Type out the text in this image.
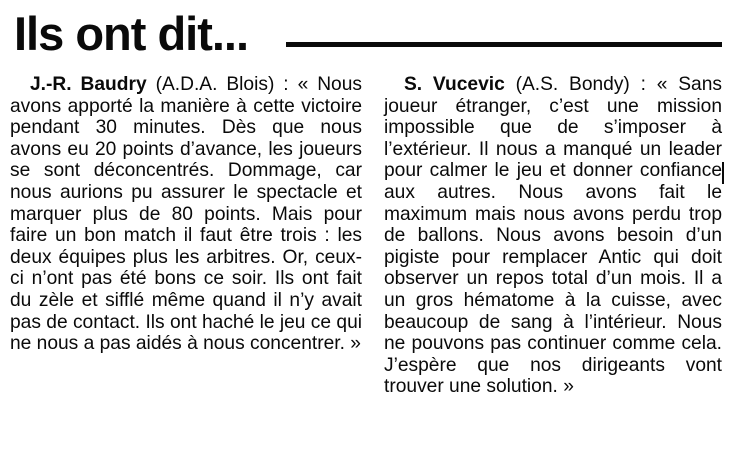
Ils ont dit...

J.-R. Baudry (A.D.A. Blois) : « Nous avons apporté la manière à cette victoire pendant 30 minutes. Dès que nous avons eu 20 points d’avance, les joueurs se sont déconcentrés. Dommage, car nous aurions pu assurer le spectacle et marquer plus de 80 points. Mais pour faire un bon match il faut être trois : les deux équipes plus les arbitres. Or, ceux-ci n’ont pas été bons ce soir. Ils ont fait du zèle et sifflé même quand il n’y avait pas de contact. Ils ont haché le jeu ce qui ne nous a pas aidés à nous concentrer. »

S. Vucevic (A.S. Bondy) : « Sans joueur étranger, c’est une mission impossible que de s’imposer à l’extérieur. Il nous a manqué un leader pour calmer le jeu et donner confiance aux autres. Nous avons fait le maximum mais nous avons perdu trop de ballons. Nous avons besoin d’un pigiste pour remplacer Antic qui doit observer un repos total d’un mois. Il a un gros hématome à la cuisse, avec beaucoup de sang à l’intérieur. Nous ne pouvons pas continuer comme cela. J’espère que nos dirigeants vont trouver une solution. »
